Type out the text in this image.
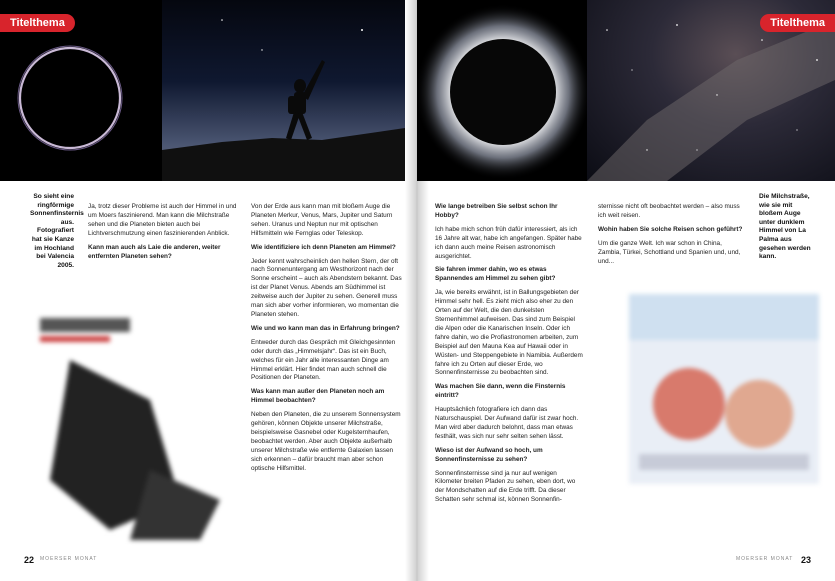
Titelthema
So sieht eine ringförmige Sonnenfinsternis aus. Fotografiert hat sie Kanze im Hochland bei Valencia 2005.

Ja, trotz dieser Probleme ist auch der Himmel in und um Moers faszinierend. Man kann die Milchstraße sehen und die Planeten bieten auch bei Lichtverschmutzung einen faszinierenden Anblick.

Kann man auch als Laie die anderen, weiter entfernten Planeten sehen?

Von der Erde aus kann man mit bloßem Auge die Planeten Merkur, Venus, Mars, Jupiter und Saturn sehen. Uranus und Neptun nur mit optischen Hilfsmitteln wie Fernglas oder Teleskop.

Wie identifiziere ich denn Planeten am Himmel?

Jeder kennt wahrscheinlich den hellen Stern, der oft nach Sonnenuntergang am Westhorizont nach der Sonne erscheint – auch als Abendstern bekannt. Das ist der Planet Venus. Abends am Südhimmel ist zeitweise auch der Jupiter zu sehen. Generell muss man sich aber vorher informieren, wo momentan die Planeten stehen.

Wie und wo kann man das in Erfahrung bringen?

Entweder durch das Gespräch mit Gleichgesinnten oder durch das „Himmelsjahr“. Das ist ein Buch, welches für ein Jahr alle interessanten Dinge am Himmel erklärt. Hier findet man auch schnell die Positionen der Planeten.

Was kann man außer den Planeten noch am Himmel beobachten?

Neben den Planeten, die zu unserem Sonnensystem gehören, können Objekte unserer Milchstraße, beispielsweise Gasnebel oder Kugelsternhaufen, beobachtet werden. Aber auch Objekte außerhalb unserer Milchstraße wie entfernte Galaxien lassen sich erkennen – dafür braucht man aber schon optische Hilfsmittel.

22 MOERSER MONAT
Titelthema

Wie lange betreiben Sie selbst schon Ihr Hobby?

Ich habe mich schon früh dafür interessiert, als ich 16 Jahre alt war, habe ich angefangen. Später habe ich dann auch meine Reisen astronomisch ausgerichtet.

Sie fahren immer dahin, wo es etwas Spannendes am Himmel zu sehen gibt?

Ja, wie bereits erwähnt, ist in Ballungsgebieten der Himmel sehr hell. Es zieht mich also eher zu den Orten auf der Welt, die den dunkelsten Sternenhimmel aufweisen. Das sind zum Beispiel die Alpen oder die Kanarischen Inseln. Oder ich fahre dahin, wo die Profiastronomen arbeiten, zum Beispiel auf den Mauna Kea auf Hawaii oder in Wüsten- und Steppengebiete in Namibia. Außerdem fahre ich zu Orten auf dieser Erde, wo Sonnenfinsternisse zu beobachten sind.

Was machen Sie dann, wenn die Finsternis eintritt?

Hauptsächlich fotografiere ich dann das Naturschauspiel. Der Aufwand dafür ist zwar hoch. Man wird aber dadurch belohnt, dass man etwas festhält, was sich nur sehr selten sehen lässt.

Wieso ist der Aufwand so hoch, um Sonnenfinsternisse zu sehen?

Sonnenfinsternisse sind ja nur auf wenigen Kilometer breiten Pfaden zu sehen, eben dort, wo der Mondschatten auf die Erde trifft. Da dieser Schatten sehr schmal ist, können Sonnenfin-

sternisse nicht oft beobachtet werden – also muss ich weit reisen.

Wohin haben Sie solche Reisen schon geführt?

Um die ganze Welt. Ich war schon in China, Zambia, Türkei, Schottland und Spanien und, und, und...

Die Milchstraße, wie sie mit bloßem Auge unter dunklem Himmel von La Palma aus gesehen werden kann.
MOERSER MONAT 23
